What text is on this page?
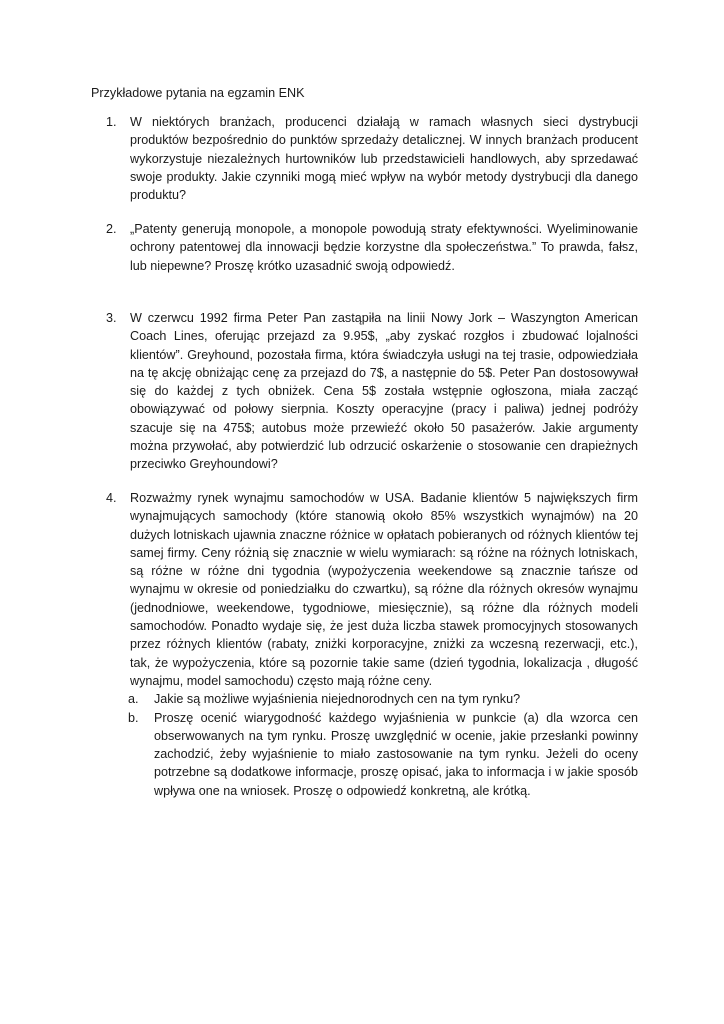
Przykładowe pytania na egzamin ENK
1.	W niektórych branżach, producenci działają w ramach własnych sieci dystrybucji produktów bezpośrednio do punktów sprzedaży detalicznej. W innych branżach producent wykorzystuje niezależnych hurtowników lub przedstawicieli handlowych, aby sprzedawać swoje produkty. Jakie czynniki mogą mieć wpływ na wybór metody dystrybucji dla danego produktu?

2.	„Patenty generują monopole, a monopole powodują straty efektywności. Wyeliminowanie ochrony patentowej dla innowacji będzie korzystne dla społeczeństwa.” To prawda, fałsz, lub niepewne? Proszę krótko uzasadnić swoją odpowiedź.

3.	W czerwcu 1992 firma Peter Pan zastąpiła na linii Nowy Jork – Waszyngton American Coach Lines, oferując przejazd za 9.95$, „aby zyskać rozgłos i zbudować lojalności klientów”. Greyhound, pozostała firma, która świadczyła usługi na tej trasie, odpowiedziała na tę akcję obniżając cenę za przejazd do 7$, a następnie do 5$. Peter Pan dostosowywał się do każdej z tych obniżek. Cena 5$ została wstępnie ogłoszona, miała zacząć obowiązywać od połowy sierpnia. Koszty operacyjne (pracy i paliwa) jednej podróży szacuje się na 475$; autobus może przewieźć około 50 pasażerów. Jakie argumenty można przywołać, aby potwierdzić lub odrzucić oskarżenie o stosowanie cen drapieżnych przeciwko Greyhoundowi?

4.	Rozważmy rynek wynajmu samochodów w USA. Badanie klientów 5 największych firm wynajmujących samochody (które stanowią około 85% wszystkich wynajmów) na 20 dużych lotniskach ujawnia znaczne różnice w opłatach pobieranych od różnych klientów tej samej firmy. Ceny różnią się znacznie w wielu wymiarach: są różne na różnych lotniskach, są różne w różne dni tygodnia (wypożyczenia weekendowe są znacznie tańsze od wynajmu w okresie od poniedziałku do czwartku), są różne dla różnych okresów wynajmu (jednodniowe, weekendowe, tygodniowe, miesięcznie), są różne dla różnych modeli samochodów. Ponadto wydaje się, że jest duża liczba stawek promocyjnych stosowanych przez różnych klientów (rabaty, zniżki korporacyjne, zniżki za wczesną rezerwacji, etc.), tak, że wypożyczenia, które są pozornie takie same (dzień tygodnia, lokalizacja , długość wynajmu, model samochodu) często mają różne ceny.

a.	Jakie są możliwe wyjaśnienia niejednorodnych cen na tym rynku?

b.	Proszę ocenić wiarygodność każdego wyjaśnienia w punkcie (a) dla wzorca cen obserwowanych na tym rynku. Proszę uwzględnić w ocenie, jakie przesłanki powinny zachodzić, żeby wyjaśnienie to miało zastosowanie na tym rynku. Jeżeli do oceny potrzebne są dodatkowe informacje, proszę opisać, jaka to informacja i w jakie sposób wpływa one na wniosek. Proszę o odpowiedź konkretną, ale krótką.
